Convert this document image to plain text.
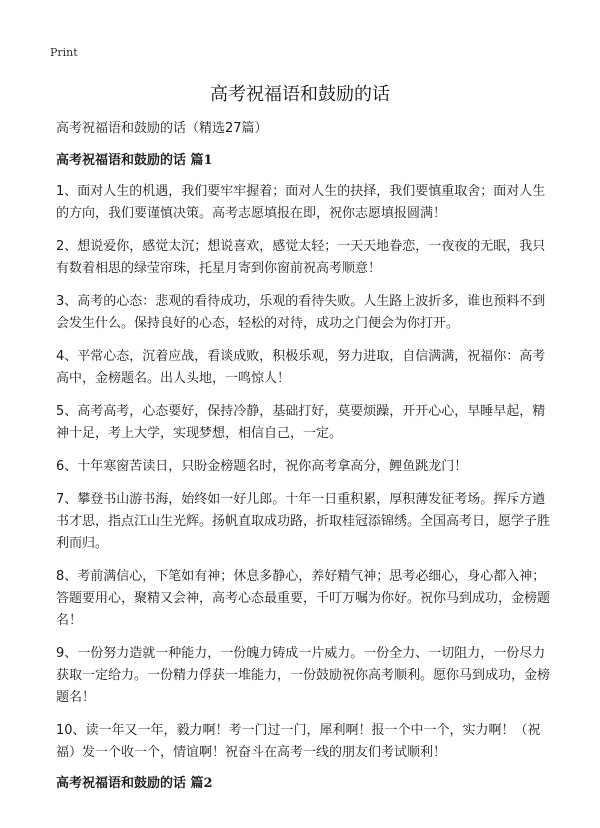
Print
高考祝福语和鼓励的话

高考祝福语和鼓励的话（精选27篇）

高考祝福语和鼓励的话 篇1

1、面对人生的机遇，我们要牢牢握着；面对人生的抉择，我们要慎重取舍；面对人生的方向，我们要谨慎决策。高考志愿填报在即，祝你志愿填报圆满！

2、想说爱你，感觉太沉；想说喜欢，感觉太轻；一天天地眷恋，一夜夜的无眠，我只有数着相思的绿莹帘珠，托星月寄到你窗前祝高考顺意！

3、高考的心态：悲观的看待成功，乐观的看待失败。人生路上波折多，谁也预料不到会发生什么。保持良好的心态，轻松的对待，成功之门便会为你打开。

4、平常心态，沉着应战，看谈成败，积极乐观，努力进取，自信满满，祝福你：高考高中，金榜题名。出人头地，一鸣惊人！

5、高考高考，心态要好，保持冷静，基础打好，莫要烦躁，开开心心，早睡早起，精神十足，考上大学，实现梦想，相信自己，一定。

6、十年寒窗苦读日，只盼金榜题名时，祝你高考拿高分，鲤鱼跳龙门！

7、攀登书山游书海，始终如一好儿郎。十年一日重积累，厚积薄发征考场。挥斥方遒书才思，指点江山生光辉。扬帆直取成功路，折取桂冠添锦绣。全国高考日，愿学子胜利而归。

8、考前满信心，下笔如有神；休息多静心，养好精气神；思考必细心，身心都入神；答题要用心，聚精又会神，高考心态最重要，千叮万嘱为你好。祝你马到成功，金榜题名！

9、一份努力造就一种能力，一份魄力铸成一片威力。一份全力、一切阻力，一份尽力获取一定给力。一份精力俘获一堆能力，一份鼓励祝你高考顺利。愿你马到成功，金榜题名！

10、读一年又一年，毅力啊！考一门过一门，犀利啊！报一个中一个，实力啊！（祝福）发一个收一个，情谊啊！祝奋斗在高考一线的朋友们考试顺利！

高考祝福语和鼓励的话 篇2
